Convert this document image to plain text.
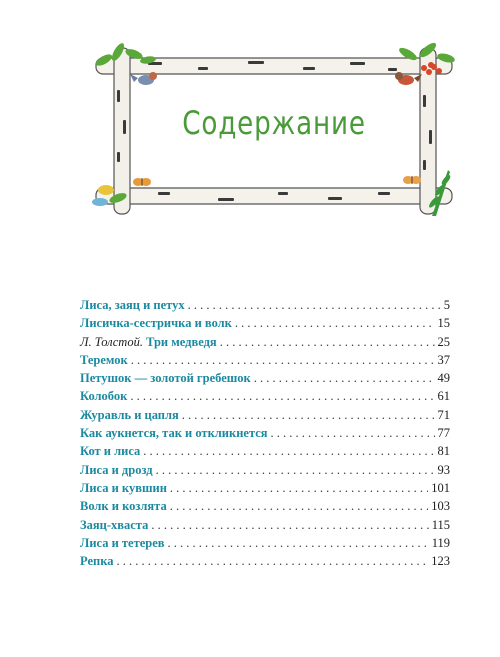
Содержание
Лиса, заяц и петух . . .	5
Лисичка-сестричка и волк . . .	15
Л. Толстой. Три медведя . . .	25
Теремок . . .	37
Петушок — золотой гребешок . . .	49
Колобок . . .	61
Журавль и цапля . . .	71
Как аукнется, так и откликнется . . .	77
Кот и лиса . . .	81
Лиса и дрозд . . .	93
Лиса и кувшин . . .	101
Волк и козлята . . .	103
Заяц-хваста . . .	115
Лиса и тетерев . . .	119
Репка . . .	123
